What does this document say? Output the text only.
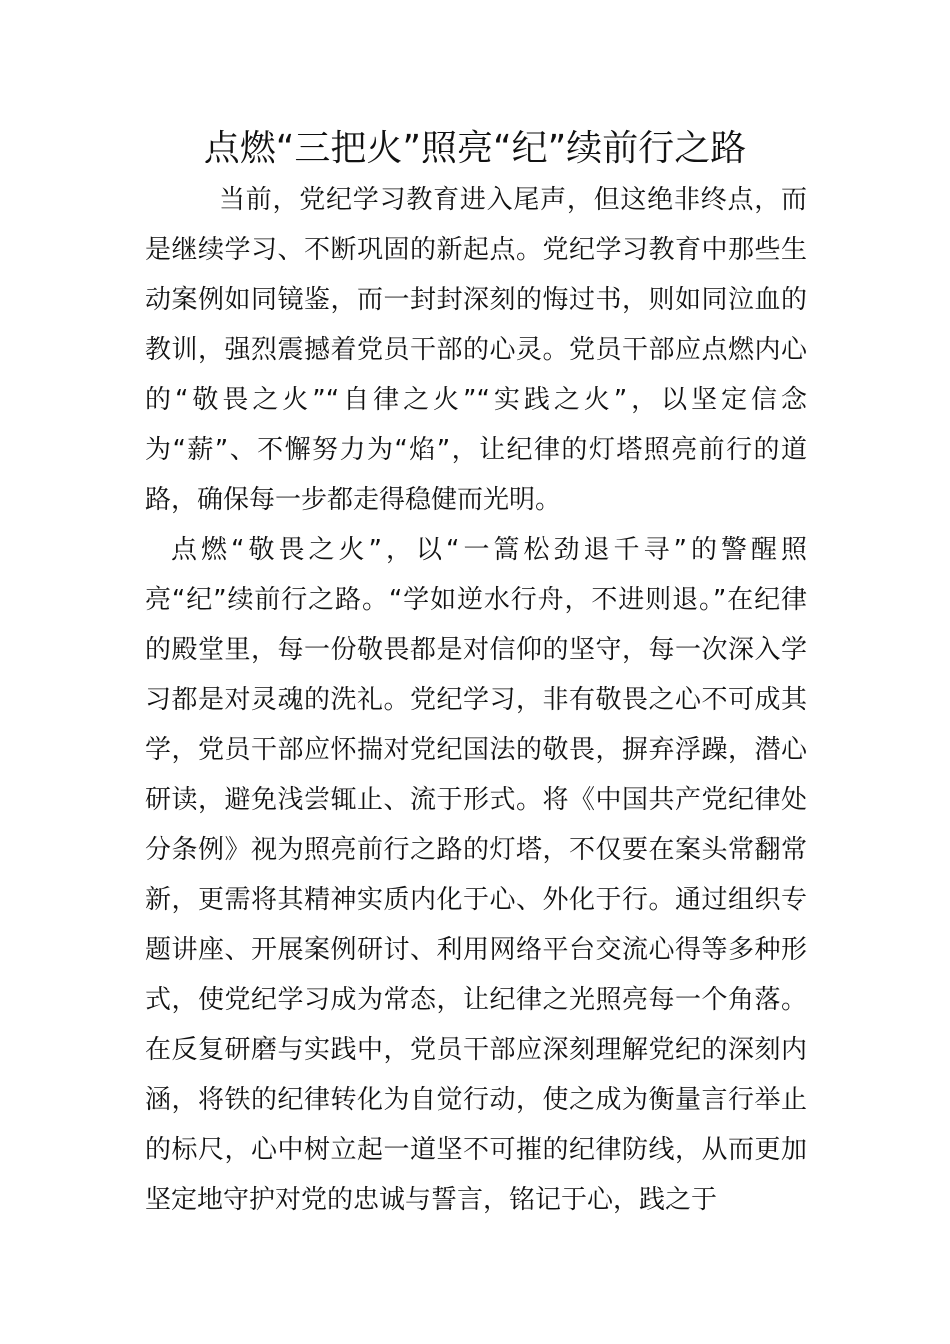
点燃“三把火”照亮“纪”续前行之路

当前，党纪学习教育进入尾声，但这绝非终点，而是继续学习、不断巩固的新起点。党纪学习教育中那些生动案例如同镜鉴，而一封封深刻的悔过书，则如同泣血的教训，强烈震撼着党员干部的心灵。党员干部应点燃内心的“敬畏之火”“自律之火”“实践之火”，以坚定信念为“薪”、不懈努力为“焰”，让纪律的灯塔照亮前行的道路，确保每一步都走得稳健而光明。

点燃“敬畏之火”，以“一篙松劲退千寻”的警醒照亮“纪”续前行之路。“学如逆水行舟，不进则退。”在纪律的殿堂里，每一份敬畏都是对信仰的坚守，每一次深入学习都是对灵魂的洗礼。党纪学习，非有敬畏之心不可成其学，党员干部应怀揣对党纪国法的敬畏，摒弃浮躁，潜心研读，避免浅尝辄止、流于形式。将《中国共产党纪律处分条例》视为照亮前行之路的灯塔，不仅要在案头常翻常新，更需将其精神实质内化于心、外化于行。通过组织专题讲座、开展案例研讨、利用网络平台交流心得等多种形式，使党纪学习成为常态，让纪律之光照亮每一个角落。在反复研磨与实践中，党员干部应深刻理解党纪的深刻内涵，将铁的纪律转化为自觉行动，使之成为衡量言行举止的标尺，心中树立起一道坚不可摧的纪律防线，从而更加坚定地守护对党的忠诚与誓言，铭记于心，践之于
